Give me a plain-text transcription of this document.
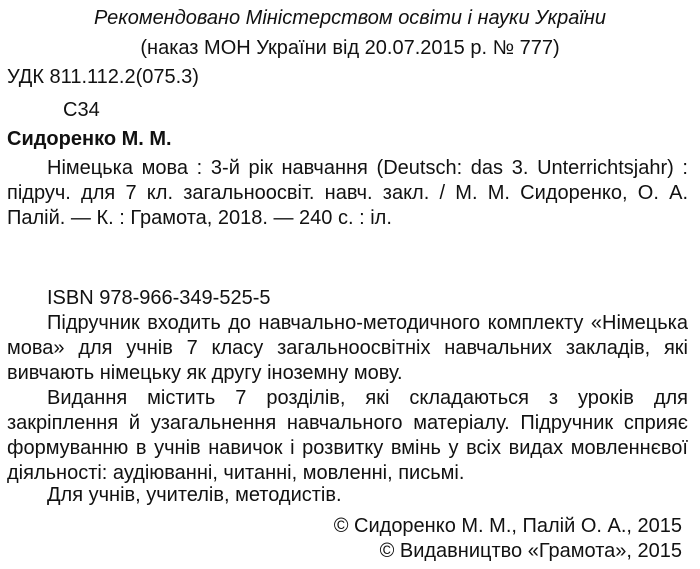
Рекомендовано Міністерством освіти і науки України
(наказ МОН України від 20.07.2015 р. № 777)
УДК 811.112.2(075.3)
С34
Сидоренко М. М.
Німецька мова : 3-й рік навчання (Deutsch: das 3. Unterrichtsjahr) : підруч. для 7 кл. загальноосвіт. навч. закл. / М. М. Сидоренко, О. А. Палій. — К. : Грамота, 2018. — 240 с. : іл.
ISBN 978-966-349-525-5
Підручник входить до навчально-методичного комплекту «Німецька мова» для учнів 7 класу загальноосвітніх навчальних закладів, які вивчають німецьку як другу іноземну мову.
Видання містить 7 розділів, які складаються з уроків для закріплення й узагальнення навчального матеріалу. Підручник сприяє формуванню в учнів навичок і розвитку вмінь у всіх видах мовленнєвої діяльності: аудіюванні, читанні, мовленні, письмі.
Для учнів, учителів, методистів.
© Сидоренко М. М., Палій О. А., 2015
© Видавництво «Грамота», 2015
